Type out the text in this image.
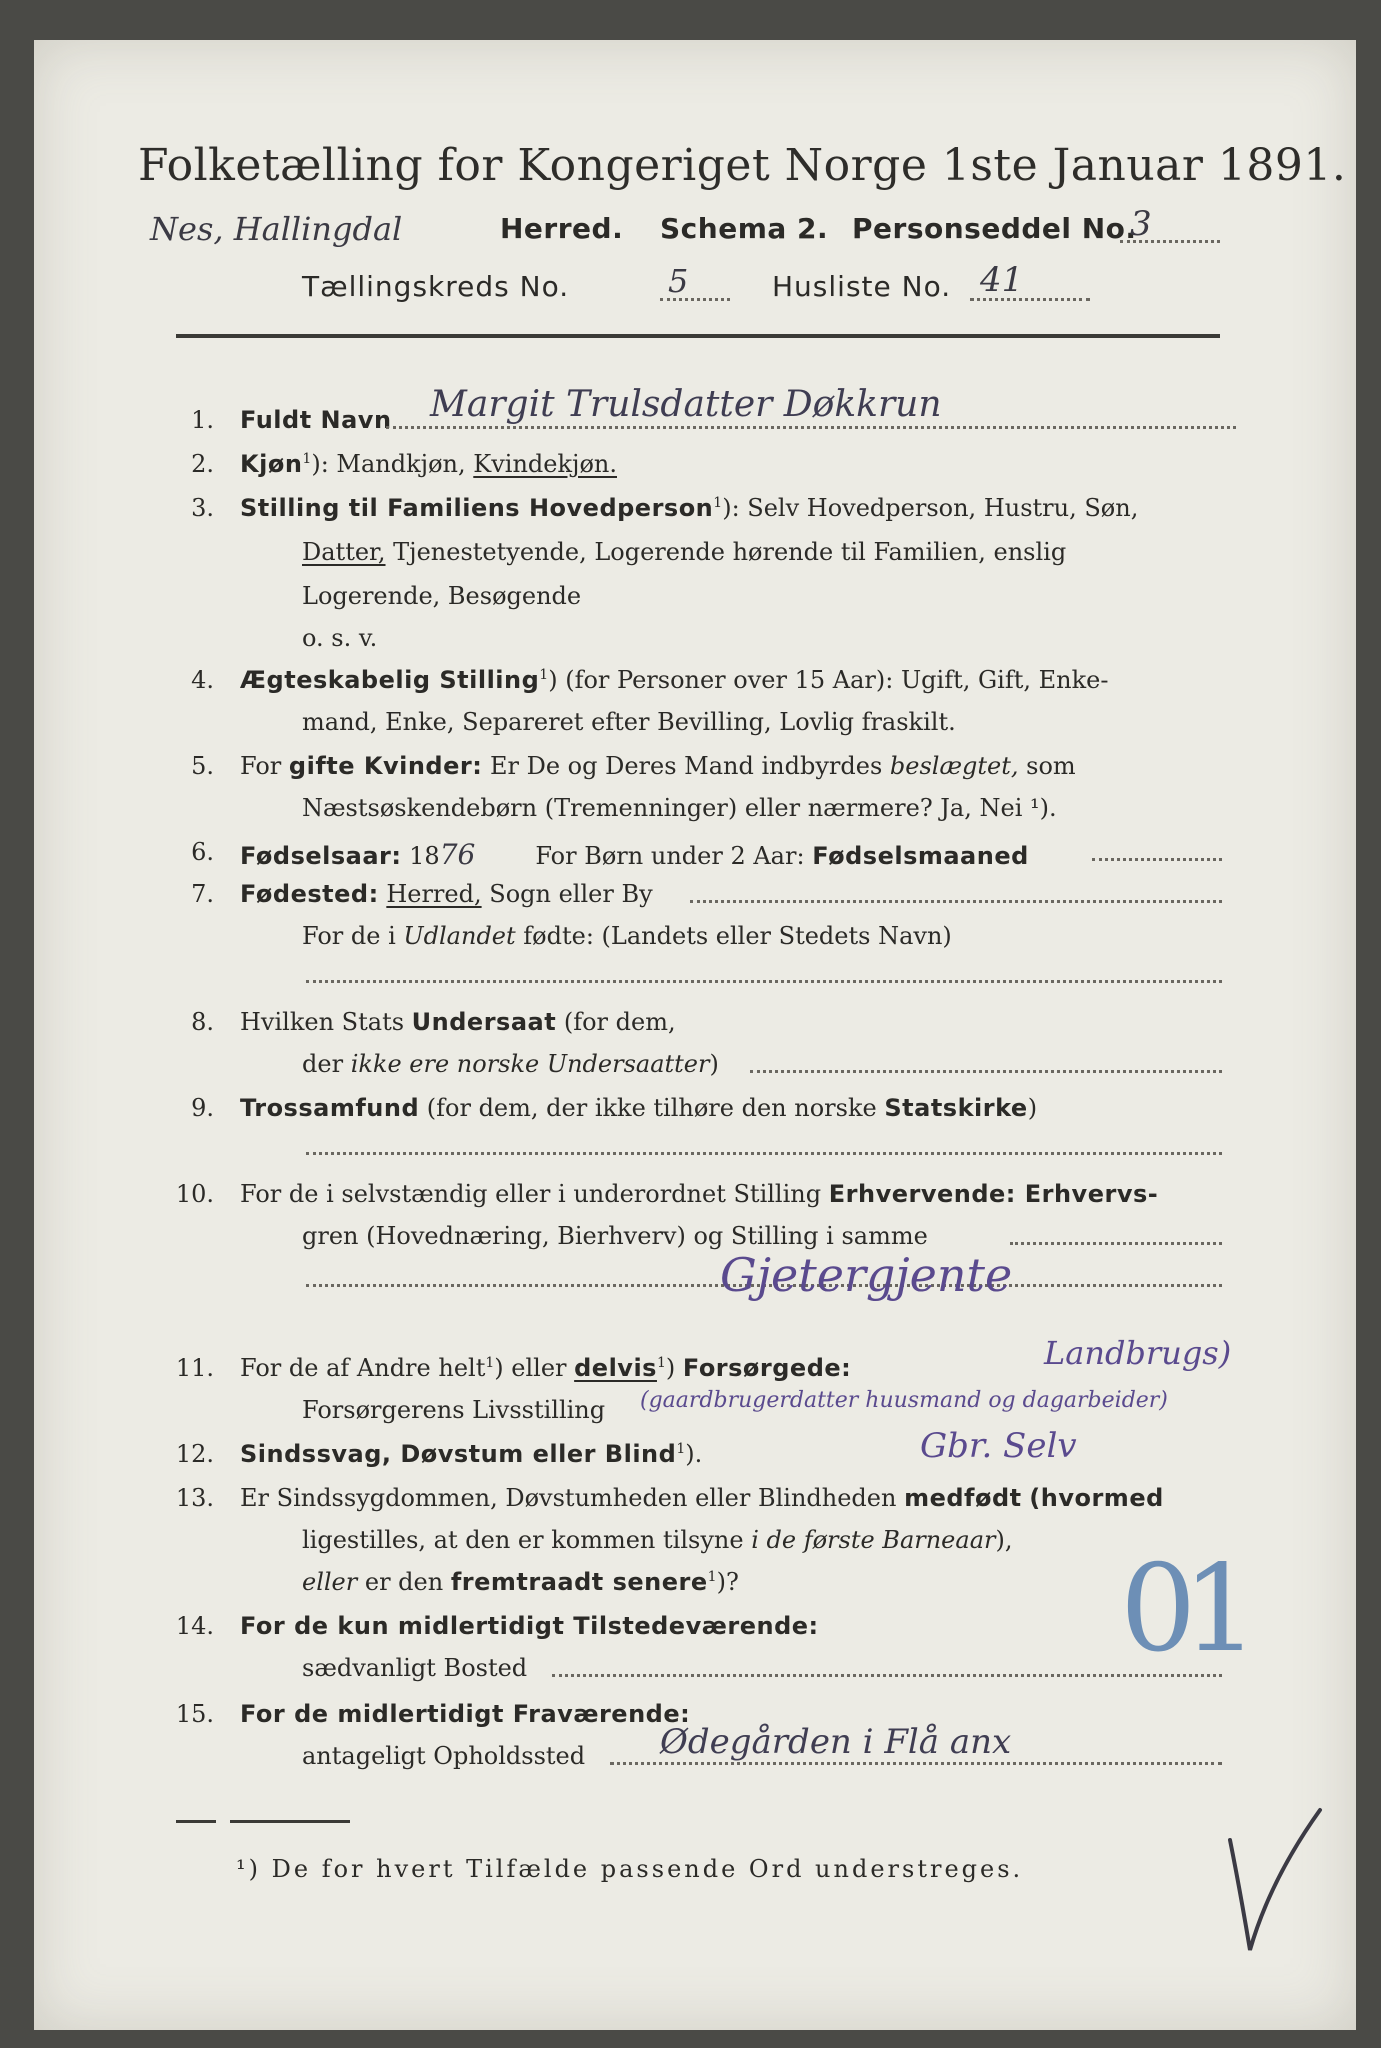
Folketælling for Kongeriget Norge 1ste Januar 1891.
Nes, Hallingdal	Herred. Schema 2. Personseddel No.
3
Tællingskreds No.	5	Husliste No. 41
1. Fuldt Navn Margit Trulsdatter Døkkrun
2. Kjøn$^1$): Mandkjøn, Kvindekjøn.
3. Stilling til Familiens Hovedperson$^1$): Selv Hovedperson, Hustru, Søn,
Datter, Tjenestetyende, Logerende hørende til Familien, enslig
Logerende, Besøgende
o. s. v.
4. Ægteskabelig Stilling$^1$) (for Personer over 15 Aar): Ugift, Gift, Enke-
mand, Enke, Separeret efter Bevilling, Lovlig fraskilt.
5. For gifte Kvinder: Er De og Deres Mand indbyrdes beslægtet, som
Næstsøskendebørn (Tremenninger) eller nærmere? Ja, Nei ¹).
6. Fødselsaar: 1876	For Børn under 2 Aar: Fødselsmaaned
7. Fødested: Herred, Sogn eller By
For de i Udlandet fødte: (Landets eller Stedets Navn)
8. Hvilken Stats Undersaat (for dem,
der ikke ere norske Undersaatter)
9. Trossamfund (for dem, der ikke tilhøre den norske Statskirke)
10. For de i selvstændig eller i underordnet Stilling Erhvervende: Erhvervs-
gren (Hovednæring, Bierhverv) og Stilling i samme
Gjetergjente
11. For de af Andre helt$^1$) eller delvis$^1$) Forsørgede:	Landbrugs)
Forsørgerens Livsstilling (gaardbrugerdatter huusmand og dagarbeider)
12. Sindssvag, Døvstum eller Blind$^1$).	Gbr. Selv
13. Er Sindssygdommen, Døvstumheden eller Blindheden medfødt (hvormed
ligestilles, at den er kommen tilsyne i de første Barneaar),
eller er den fremtraadt senere$^1$)?
14. For de kun midlertidigt Tilstedeværende:
sædvanligt Bosted	01
15. For de midlertidigt Fraværende:
antageligt Opholdssted Ødegården i Flå anx
¹) De for hvert Tilfælde passende Ord understreges.
